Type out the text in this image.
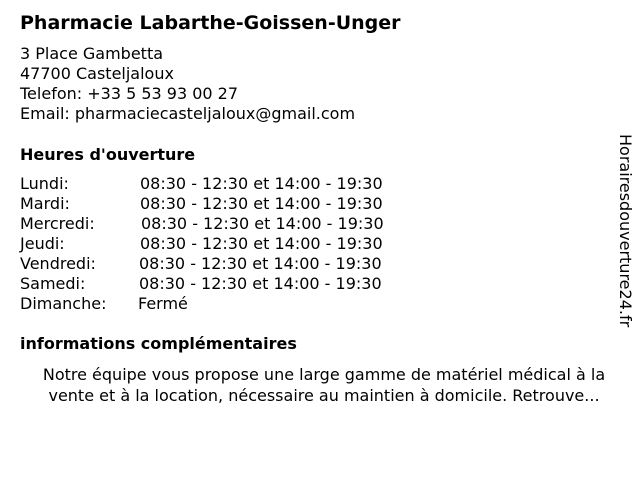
Pharmacie Labarthe-Goissen-Unger
3 Place Gambetta
47700 Casteljaloux
Telefon: +33 5 53 93 00 27
Email: pharmaciecasteljaloux@gmail.com
Heures d'ouverture
Lundi:	08:30 - 12:30 et 14:00 - 19:30
Mardi:	08:30 - 12:30 et 14:00 - 19:30
Mercredi:	08:30 - 12:30 et 14:00 - 19:30
Jeudi:	08:30 - 12:30 et 14:00 - 19:30
Vendredi:	08:30 - 12:30 et 14:00 - 19:30
Samedi:	08:30 - 12:30 et 14:00 - 19:30
Dimanche: Fermé
informations complémentaires
Notre équipe vous propose une large gamme de matériel médical à la
vente et à la location, nécessaire au maintien à domicile. Retrouve...
Horairesdouverture24.fr
